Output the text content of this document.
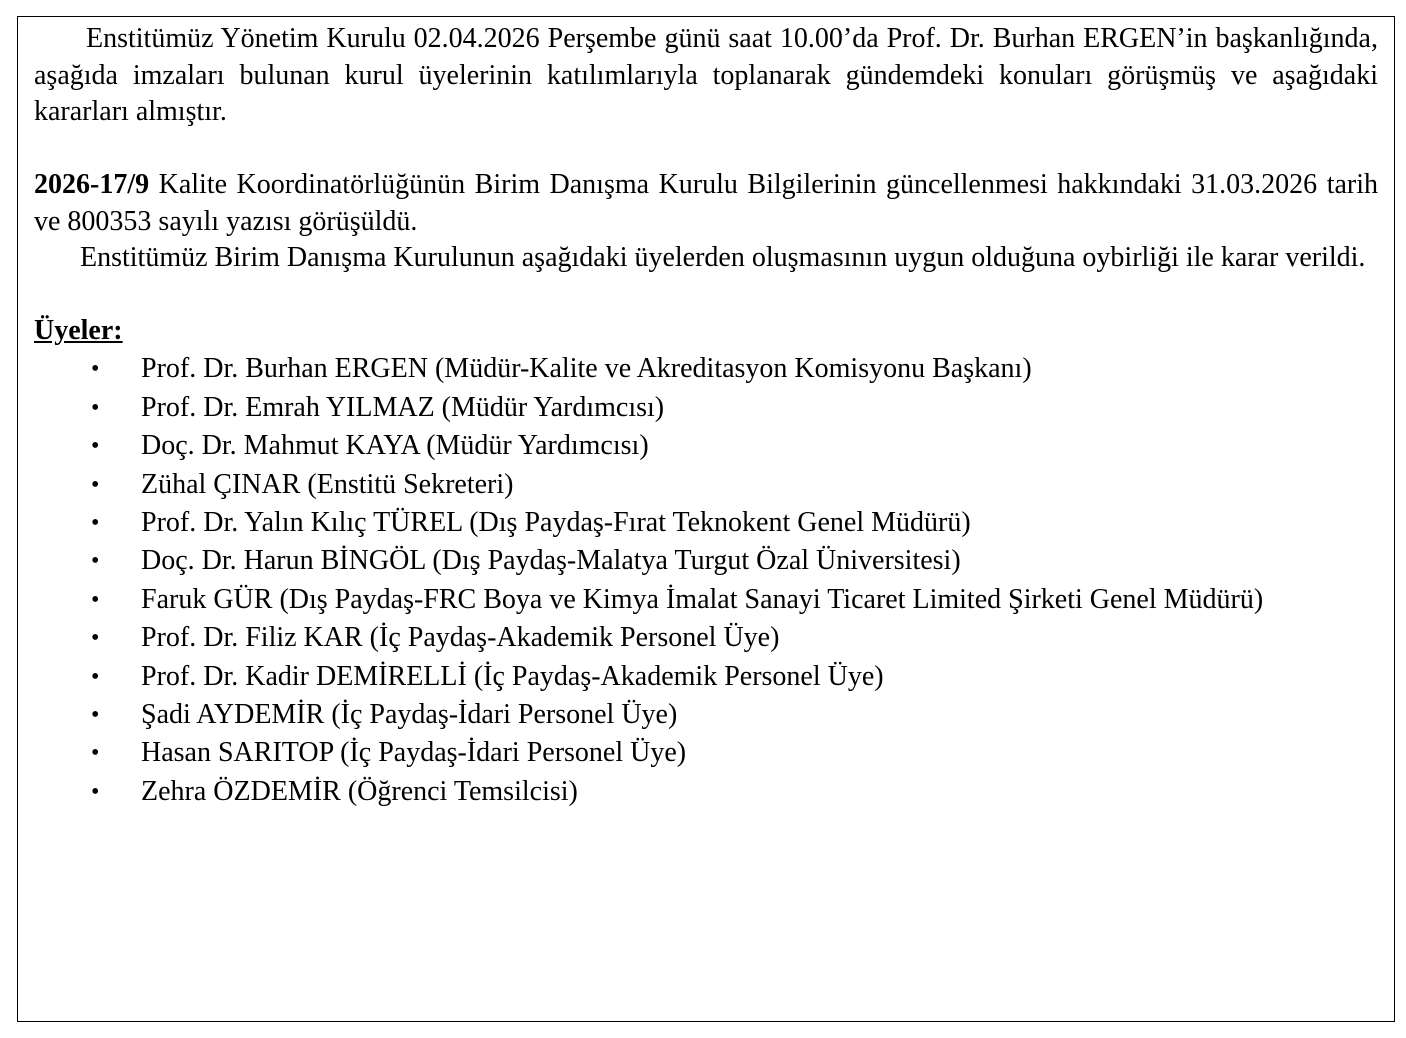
Enstitümüz Yönetim Kurulu 02.04.2026 Perşembe günü saat 10.00’da Prof. Dr. Burhan ERGEN’in başkanlığında, aşağıda imzaları bulunan kurul üyelerinin katılımlarıyla toplanarak gündemdeki konuları görüşmüş ve aşağıdaki kararları almıştır.

2026-17/9 Kalite Koordinatörlüğünün Birim Danışma Kurulu Bilgilerinin güncellenmesi hakkındaki 31.03.2026 tarih ve 800353 sayılı yazısı görüşüldü.

Enstitümüz Birim Danışma Kurulunun aşağıdaki üyelerden oluşmasının uygun olduğuna oybirliği ile karar verildi.

Üyeler:

• Prof. Dr. Burhan ERGEN (Müdür-Kalite ve Akreditasyon Komisyonu Başkanı)
• Prof. Dr. Emrah YILMAZ (Müdür Yardımcısı)
• Doç. Dr. Mahmut KAYA (Müdür Yardımcısı)
• Zühal ÇINAR (Enstitü Sekreteri)
• Prof. Dr. Yalın Kılıç TÜREL (Dış Paydaş-Fırat Teknokent Genel Müdürü)
• Doç. Dr. Harun BİNGÖL (Dış Paydaş-Malatya Turgut Özal Üniversitesi)
• Faruk GÜR (Dış Paydaş-FRC Boya ve Kimya İmalat Sanayi Ticaret Limited Şirketi Genel Müdürü)
• Prof. Dr. Filiz KAR (İç Paydaş-Akademik Personel Üye)
• Prof. Dr. Kadir DEMİRELLİ (İç Paydaş-Akademik Personel Üye)
• Şadi AYDEMİR (İç Paydaş-İdari Personel Üye)
• Hasan SARITOP (İç Paydaş-İdari Personel Üye)
• Zehra ÖZDEMİR (Öğrenci Temsilcisi)
